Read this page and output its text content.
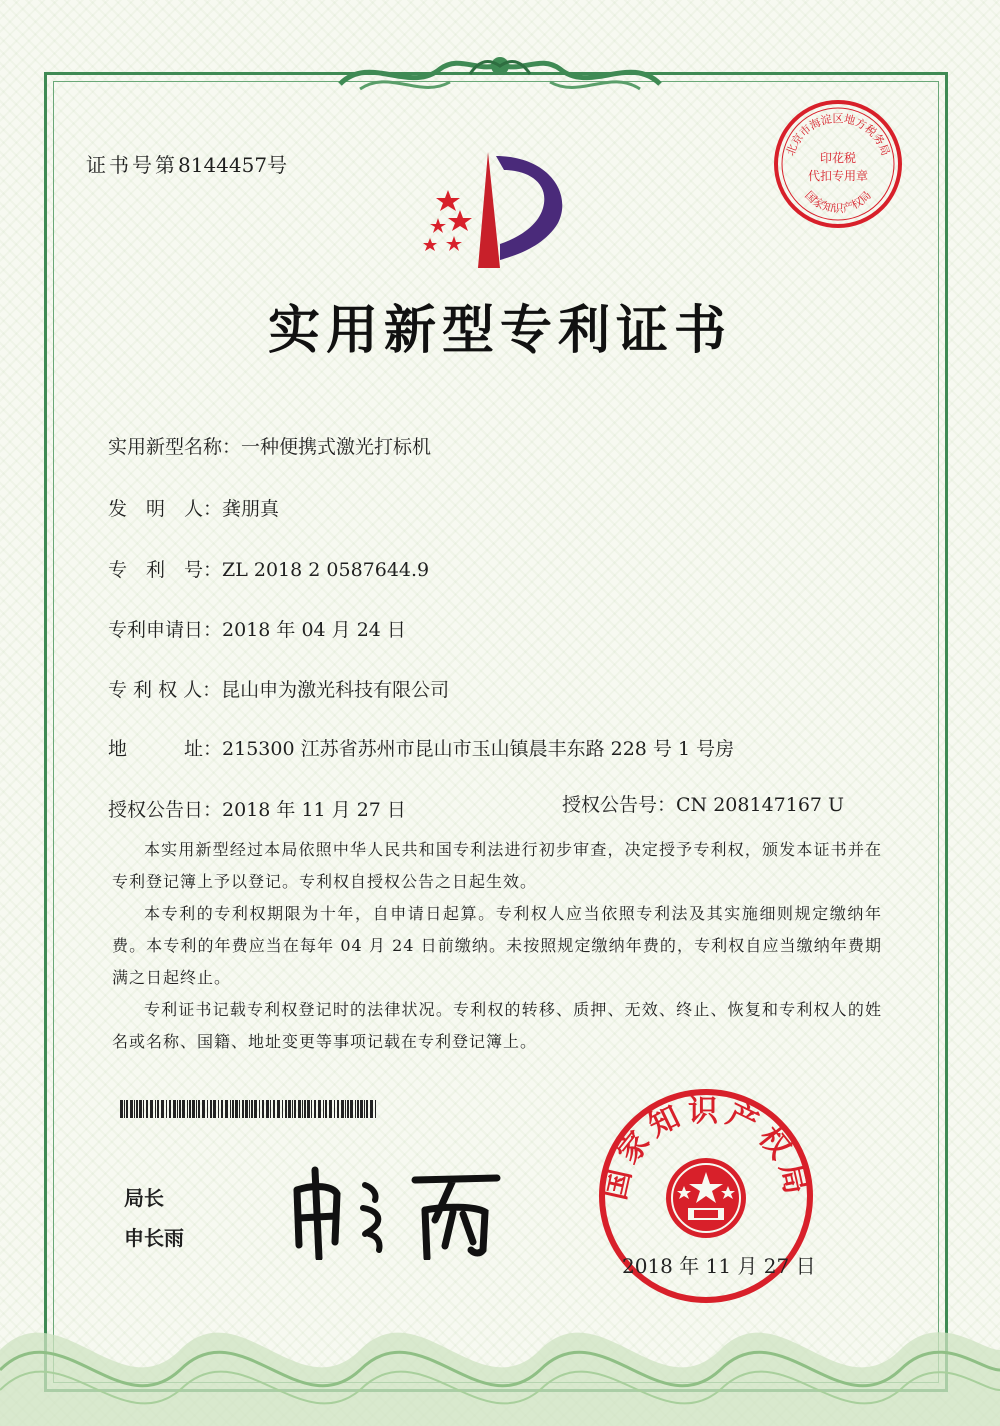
证书号第8144457号
北京市海淀区地方税务局
印花税
代扣专用章
国家知识产权局
实用新型专利证书
实用新型名称：一种便携式激光打标机
发　明　人：龚朋真
专　利　号：ZL 2018 2 0587644.9
专利申请日：2018 年 04 月 24 日
专 利 权 人：昆山申为激光科技有限公司
地　　　址：215300 江苏省苏州市昆山市玉山镇晨丰东路 228 号 1 号房
授权公告日：2018 年 11 月 27 日	授权公告号：CN 208147167 U
本实用新型经过本局依照中华人民共和国专利法进行初步审查，决定授予专利权，颁发本证书并在专利登记簿上予以登记。专利权自授权公告之日起生效。
本专利的专利权期限为十年，自申请日起算。专利权人应当依照专利法及其实施细则规定缴纳年费。本专利的年费应当在每年 04 月 24 日前缴纳。未按照规定缴纳年费的，专利权自应当缴纳年费期满之日起终止。
专利证书记载专利权登记时的法律状况。专利权的转移、质押、无效、终止、恢复和专利权人的姓名或名称、国籍、地址变更等事项记载在专利登记簿上。
局长
申长雨
国家知识产权局
2018 年 11 月 27 日
